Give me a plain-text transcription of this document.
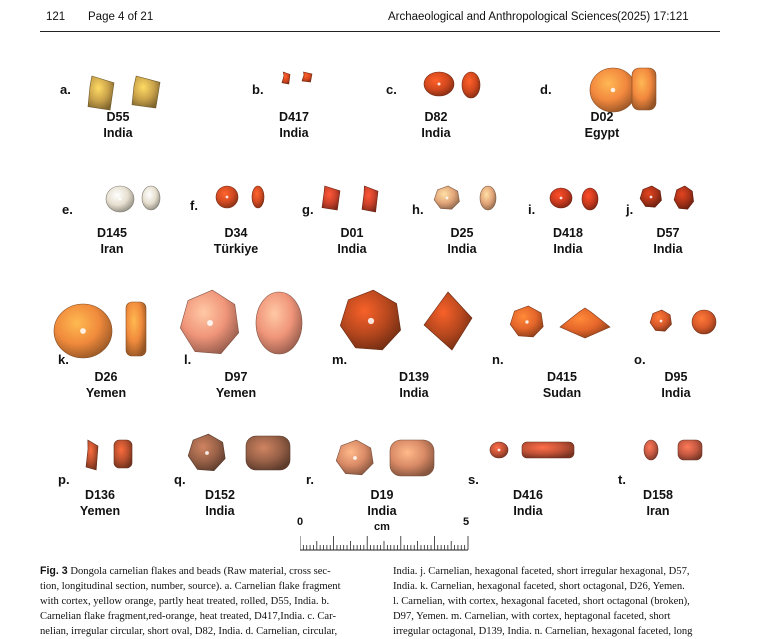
121 Page 4 of 21	Archaeological and Anthropological Sciences (2025) 17:121
0	cm	5
a.
D55
India
b.
D417
India
c.
D82
India
d.
D02
Egypt
e.
D145
Iran
f.
D34
Türkiye
g.
D01
India
h.
D25
India
i.
D418
India
j.
D57
India
k.
D26
Yemen
l.
D97
Yemen
m.
D139
India
n.
D415
Sudan
o.
D95
India
p.
D136
Yemen
q.
D152
India
r.
D19
India
s.
D416
India
t.
D158
Iran
Fig. 3 Dongola carnelian flakes and beads (Raw material, cross sec-
tion, longitudinal section, number, source). a. Carnelian flake fragment
with cortex, yellow orange, partly heat treated, rolled, D55, India. b.
Carnelian flake fragment,red-orange, heat treated, D417,India. c. Car-
nelian, irregular circular, short oval, D82, India. d. Carnelian, circular,
India. j. Carnelian, hexagonal faceted, short irregular hexagonal, D57,
India. k. Carnelian, hexagonal faceted, short octagonal, D26, Yemen.
l. Carnelian, with cortex, hexagonal faceted, short octagonal (broken),
D97, Yemen. m. Carnelian, with cortex, heptagonal faceted, short
irregular octagonal, D139, India. n. Carnelian, hexagonal faceted, long
